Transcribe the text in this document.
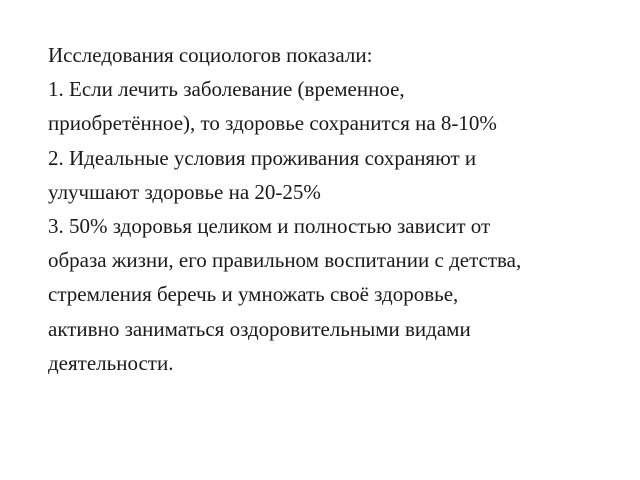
Исследования социологов показали:
1. Если лечить заболевание (временное,
приобретённое), то здоровье сохранится на 8-10%
2. Идеальные условия проживания сохраняют и
улучшают здоровье на 20-25%
3. 50% здоровья целиком и полностью зависит от
образа жизни, его правильном воспитании с детства,
стремления беречь и умножать своё здоровье,
активно заниматься оздоровительными видами
деятельности.
